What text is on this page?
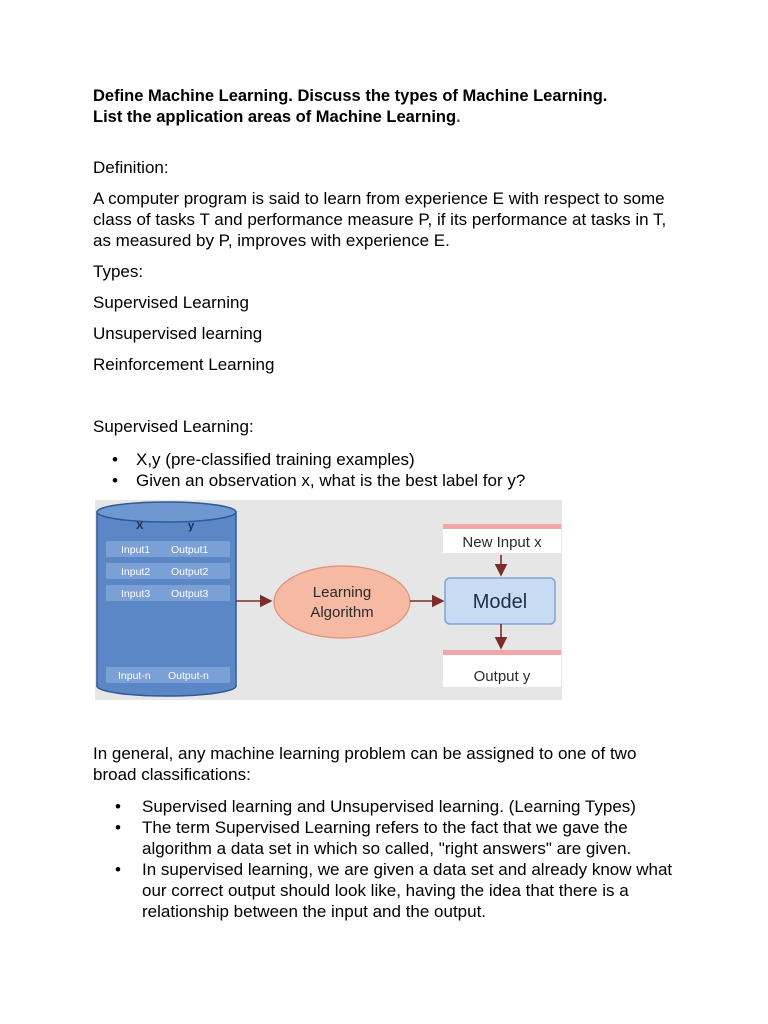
Define Machine Learning. Discuss the types of Machine Learning.
List the application areas of Machine Learning.

Definition:

A computer program is said to learn from experience E with respect to some class of tasks T and performance measure P, if its performance at tasks in T, as measured by P, improves with experience E.

Types:

Supervised Learning

Unsupervised learning

Reinforcement Learning

Supervised Learning:

• X,y (pre-classified training examples)
• Given an observation x, what is the best label for y?
X	y
Input1 Output1
Input2 Output2
Input3 Output3
Input-n Output-n
Learning
Algorithm
New Input x
Model
Output y

In general, any machine learning problem can be assigned to one of two broad classifications:

• Supervised learning and Unsupervised learning. (Learning Types)
• The term Supervised Learning refers to the fact that we gave the algorithm a data set in which so called, "right answers" are given.
• In supervised learning, we are given a data set and already know what our correct output should look like, having the idea that there is a relationship between the input and the output.
